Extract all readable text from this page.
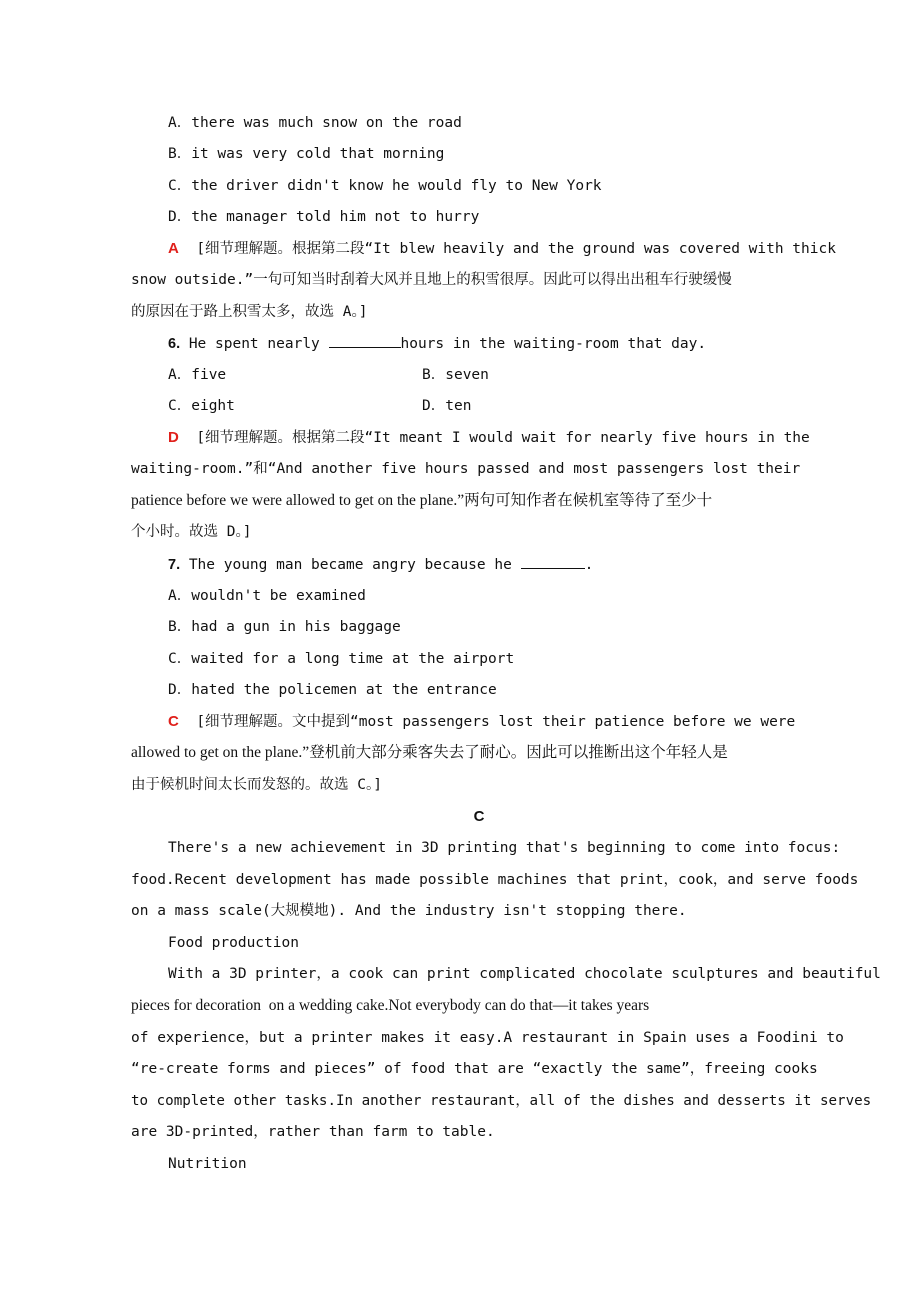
A．there was much snow on the road
B．it was very cold that morning
C．the driver didn't know he would fly to New York
D．the manager told him not to hurry
A [细节理解题。根据第二段“It blew heavily and the ground was covered with thick
snow outside.”一句可知当时刮着大风并且地上的积雪很厚。因此可以得出出租车行驶缓慢
的原因在于路上积雪太多，故选 A。]
6. He spent nearly	hours in the waiting-room that day.
A．five	B．seven
C．eight	D．ten
D [细节理解题。根据第二段“It meant I would wait for nearly five hours in the
waiting-room.”和“And another five hours passed and most passengers lost their
patience before we were allowed to get on the plane.”两句可知作者在候机室等待了至少十
个小时。故选 D。]
7. The young man became angry because he	.
A．wouldn't be examined
B．had a gun in his baggage
C．waited for a long time at the airport
D．hated the policemen at the entrance
C [细节理解题。文中提到“most passengers lost their patience before we were
allowed to get on the plane.”登机前大部分乘客失去了耐心。因此可以推断出这个年轻人是
由于候机时间太长而发怒的。故选 C。]
C
There's a new achievement in 3D printing that's beginning to come into focus:
food.Recent development has made possible machines that print，cook，and serve foods
on a mass scale(大规模地). And the industry isn't stopping there.
Food production
With a 3D printer，a cook can print complicated chocolate sculptures and beautiful
pieces for decoration  on a wedding cake.Not everybody can do that—it takes years
of experience，but a printer makes it easy.A restaurant in Spain uses a Foodini to
“re-create forms and pieces” of food that are “exactly the same”，freeing cooks
to complete other tasks.In another restaurant，all of the dishes and desserts it serves
are 3D-printed，rather than farm to table.
Nutrition
